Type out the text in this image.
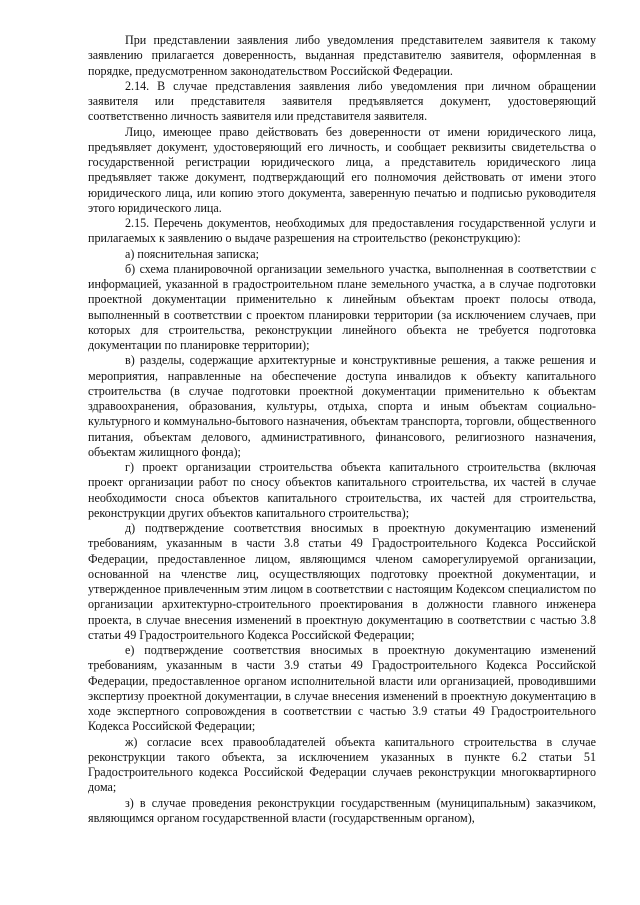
При представлении заявления либо уведомления представителем заявителя к такому заявлению прилагается доверенность, выданная представителю заявителя, оформленная в порядке, предусмотренном законодательством Российской Федерации.

2.14. В случае представления заявления либо уведомления при личном обращении заявителя или представителя заявителя предъявляется документ, удостоверяющий соответственно личность заявителя или представителя заявителя.

Лицо, имеющее право действовать без доверенности от имени юридического лица, предъявляет документ, удостоверяющий его личность, и сообщает реквизиты свидетельства о государственной регистрации юридического лица, а представитель юридического лица предъявляет также документ, подтверждающий его полномочия действовать от имени этого юридического лица, или копию этого документа, заверенную печатью и подписью руководителя этого юридического лица.

2.15. Перечень документов, необходимых для предоставления государственной услуги и прилагаемых к заявлению о выдаче разрешения на строительство (реконструкцию):

а) пояснительная записка;

б) схема планировочной организации земельного участка, выполненная в соответствии с информацией, указанной в градостроительном плане земельного участка, а в случае подготовки проектной документации применительно к линейным объектам проект полосы отвода, выполненный в соответствии с проектом планировки территории (за исключением случаев, при которых для строительства, реконструкции линейного объекта не требуется подготовка документации по планировке территории);

в) разделы, содержащие архитектурные и конструктивные решения, а также решения и мероприятия, направленные на обеспечение доступа инвалидов к объекту капитального строительства (в случае подготовки проектной документации применительно к объектам здравоохранения, образования, культуры, отдыха, спорта и иным объектам социально-культурного и коммунально-бытового назначения, объектам транспорта, торговли, общественного питания, объектам делового, административного, финансового, религиозного назначения, объектам жилищного фонда);

г) проект организации строительства объекта капитального строительства (включая проект организации работ по сносу объектов капитального строительства, их частей в случае необходимости сноса объектов капитального строительства, их частей для строительства, реконструкции других объектов капитального строительства);

д) подтверждение соответствия вносимых в проектную документацию изменений требованиям, указанным в части 3.8 статьи 49 Градостроительного Кодекса Российской Федерации, предоставленное лицом, являющимся членом саморегулируемой организации, основанной на членстве лиц, осуществляющих подготовку проектной документации, и утвержденное привлеченным этим лицом в соответствии с настоящим Кодексом специалистом по организации архитектурно-строительного проектирования в должности главного инженера проекта, в случае внесения изменений в проектную документацию в соответствии с частью 3.8 статьи 49 Градостроительного Кодекса Российской Федерации;

е) подтверждение соответствия вносимых в проектную документацию изменений требованиям, указанным в части 3.9 статьи 49 Градостроительного Кодекса Российской Федерации, предоставленное органом исполнительной власти или организацией, проводившими экспертизу проектной документации, в случае внесения изменений в проектную документацию в ходе экспертного сопровождения в соответствии с частью 3.9 статьи 49 Градостроительного Кодекса Российской Федерации;

ж) согласие всех правообладателей объекта капитального строительства в случае реконструкции такого объекта, за исключением указанных в пункте 6.2 статьи 51 Градостроительного кодекса Российской Федерации случаев реконструкции многоквартирного дома;

з) в случае проведения реконструкции государственным (муниципальным) заказчиком, являющимся органом государственной власти (государственным органом),
